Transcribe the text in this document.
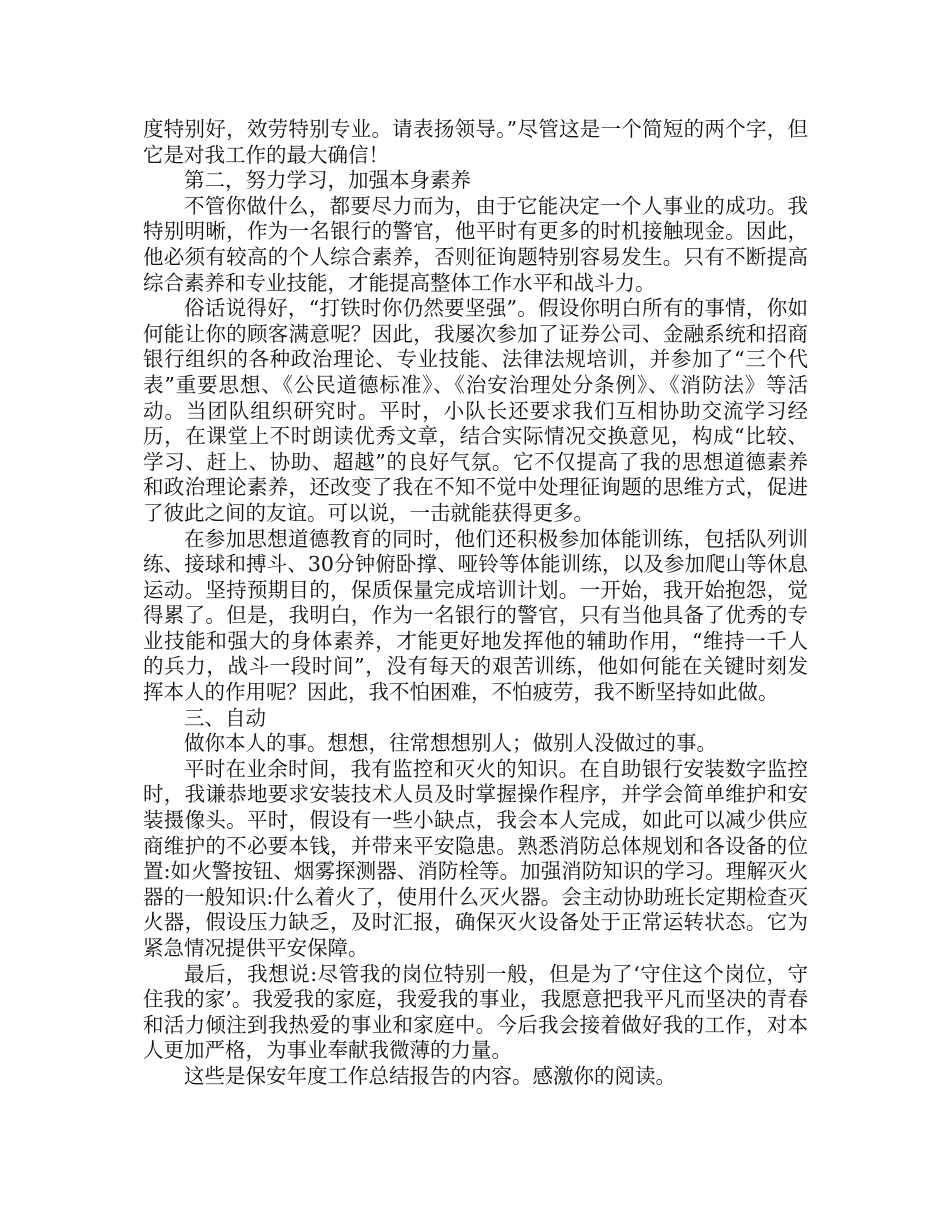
度特别好，效劳特别专业。请表扬领导。”尽管这是一个简短的两个字，但它是对我工作的最大确信！

第二，努力学习，加强本身素养

不管你做什么，都要尽力而为，由于它能决定一个人事业的成功。我特别明晰，作为一名银行的警官，他平时有更多的时机接触现金。因此，他必须有较高的个人综合素养，否则征询题特别容易发生。只有不断提高综合素养和专业技能，才能提高整体工作水平和战斗力。

俗话说得好，“打铁时你仍然要坚强”。假设你明白所有的事情，你如何能让你的顾客满意呢？因此，我屡次参加了证券公司、金融系统和招商银行组织的各种政治理论、专业技能、法律法规培训，并参加了“三个代表”重要思想、《公民道德标准》、《治安治理处分条例》、《消防法》等活动。当团队组织研究时。平时，小队长还要求我们互相协助交流学习经历，在课堂上不时朗读优秀文章，结合实际情况交换意见，构成“比较、学习、赶上、协助、超越”的良好气氛。它不仅提高了我的思想道德素养和政治理论素养，还改变了我在不知不觉中处理征询题的思维方式，促进了彼此之间的友谊。可以说，一击就能获得更多。

在参加思想道德教育的同时，他们还积极参加体能训练，包括队列训练、接球和搏斗、30分钟俯卧撑、哑铃等体能训练，以及参加爬山等休息运动。坚持预期目的，保质保量完成培训计划。一开始，我开始抱怨，觉得累了。但是，我明白，作为一名银行的警官，只有当他具备了优秀的专业技能和强大的身体素养，才能更好地发挥他的辅助作用，“维持一千人的兵力，战斗一段时间”，没有每天的艰苦训练，他如何能在关键时刻发挥本人的作用呢？因此，我不怕困难，不怕疲劳，我不断坚持如此做。

三、自动

做你本人的事。想想，往常想想别人；做别人没做过的事。

平时在业余时间，我有监控和灭火的知识。在自助银行安装数字监控时，我谦恭地要求安装技术人员及时掌握操作程序，并学会简单维护和安装摄像头。平时，假设有一些小缺点，我会本人完成，如此可以减少供应商维护的不必要本钱，并带来平安隐患。熟悉消防总体规划和各设备的位置:如火警按钮、烟雾探测器、消防栓等。加强消防知识的学习。理解灭火器的一般知识:什么着火了，使用什么灭火器。会主动协助班长定期检查灭火器，假设压力缺乏，及时汇报，确保灭火设备处于正常运转状态。它为紧急情况提供平安保障。

最后，我想说:尽管我的岗位特别一般，但是为了‘守住这个岗位，守住我的家’。我爱我的家庭，我爱我的事业，我愿意把我平凡而坚决的青春和活力倾注到我热爱的事业和家庭中。今后我会接着做好我的工作，对本人更加严格，为事业奉献我微薄的力量。

这些是保安年度工作总结报告的内容。感激你的阅读。
